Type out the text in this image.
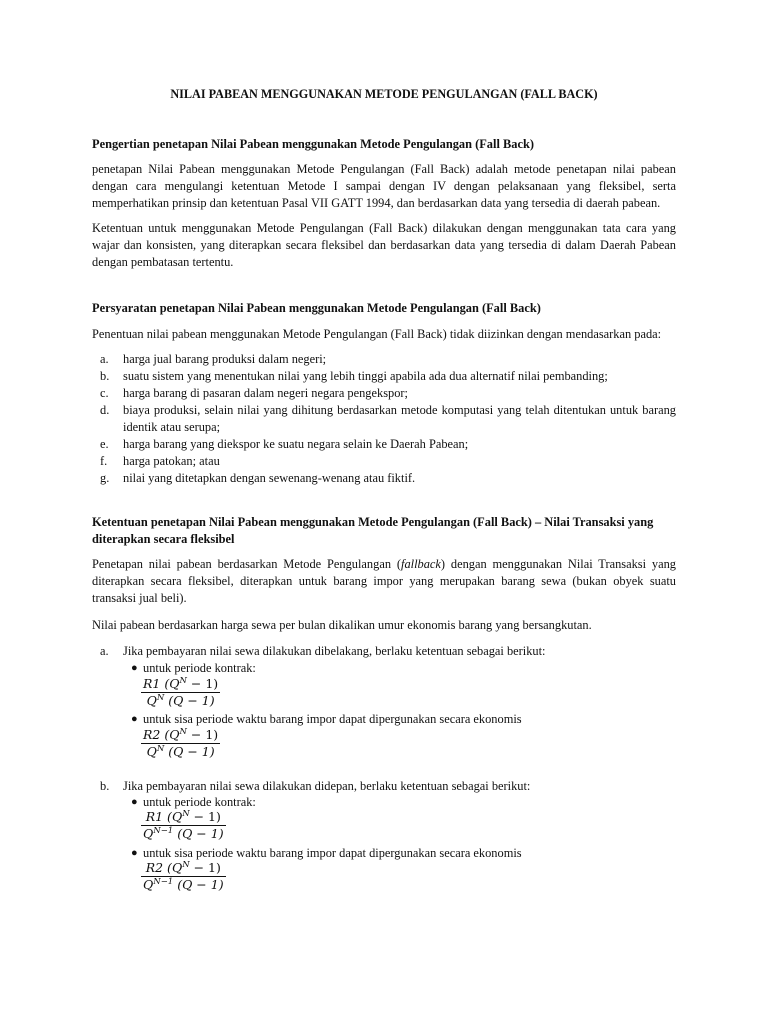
NILAI PABEAN MENGGUNAKAN METODE PENGULANGAN (FALL BACK)
Pengertian penetapan Nilai Pabean menggunakan Metode Pengulangan (Fall Back)
penetapan Nilai Pabean menggunakan Metode Pengulangan (Fall Back) adalah metode penetapan nilai pabean dengan cara mengulangi ketentuan Metode I sampai dengan IV dengan pelaksanaan yang fleksibel, serta memperhatikan prinsip dan ketentuan Pasal VII GATT 1994, dan berdasarkan data yang tersedia di daerah pabean.
Ketentuan untuk menggunakan Metode Pengulangan (Fall Back) dilakukan dengan menggunakan tata cara yang wajar dan konsisten, yang diterapkan secara fleksibel dan berdasarkan data yang tersedia di dalam Daerah Pabean dengan pembatasan tertentu.
Persyaratan penetapan Nilai Pabean menggunakan Metode Pengulangan (Fall Back)
Penentuan nilai pabean menggunakan Metode Pengulangan (Fall Back) tidak diizinkan dengan mendasarkan pada:
a. harga jual barang produksi dalam negeri;
b. suatu sistem yang menentukan nilai yang lebih tinggi apabila ada dua alternatif nilai pembanding;
c. harga barang di pasaran dalam negeri negara pengekspor;
d. biaya produksi, selain nilai yang dihitung berdasarkan metode komputasi yang telah ditentukan untuk barang identik atau serupa;
e. harga barang yang diekspor ke suatu negara selain ke Daerah Pabean;
f. harga patokan; atau
g. nilai yang ditetapkan dengan sewenang-wenang atau fiktif.
Ketentuan penetapan Nilai Pabean menggunakan Metode Pengulangan (Fall Back) – Nilai Transaksi yang diterapkan secara fleksibel
Penetapan nilai pabean berdasarkan Metode Pengulangan (fallback) dengan menggunakan Nilai Transaksi yang diterapkan secara fleksibel, diterapkan untuk barang impor yang merupakan barang sewa (bukan obyek suatu transaksi jual beli).
Nilai pabean berdasarkan harga sewa per bulan dikalikan umur ekonomis barang yang bersangkutan.
a. Jika pembayaran nilai sewa dilakukan dibelakang, berlaku ketentuan sebagai berikut:
● untuk periode kontrak:
$\frac{R1 (Q^N - 1)}{Q^N (Q - 1)}$
● untuk sisa periode waktu barang impor dapat dipergunakan secara ekonomis
$\frac{R2 (Q^N - 1)}{Q^N (Q - 1)}$
b. Jika pembayaran nilai sewa dilakukan didepan, berlaku ketentuan sebagai berikut:
● untuk periode kontrak:
$\frac{R1 (Q^N - 1)}{Q^{N-1} (Q - 1)}$
● untuk sisa periode waktu barang impor dapat dipergunakan secara ekonomis
$\frac{R2 (Q^N - 1)}{Q^{N-1} (Q - 1)}$
